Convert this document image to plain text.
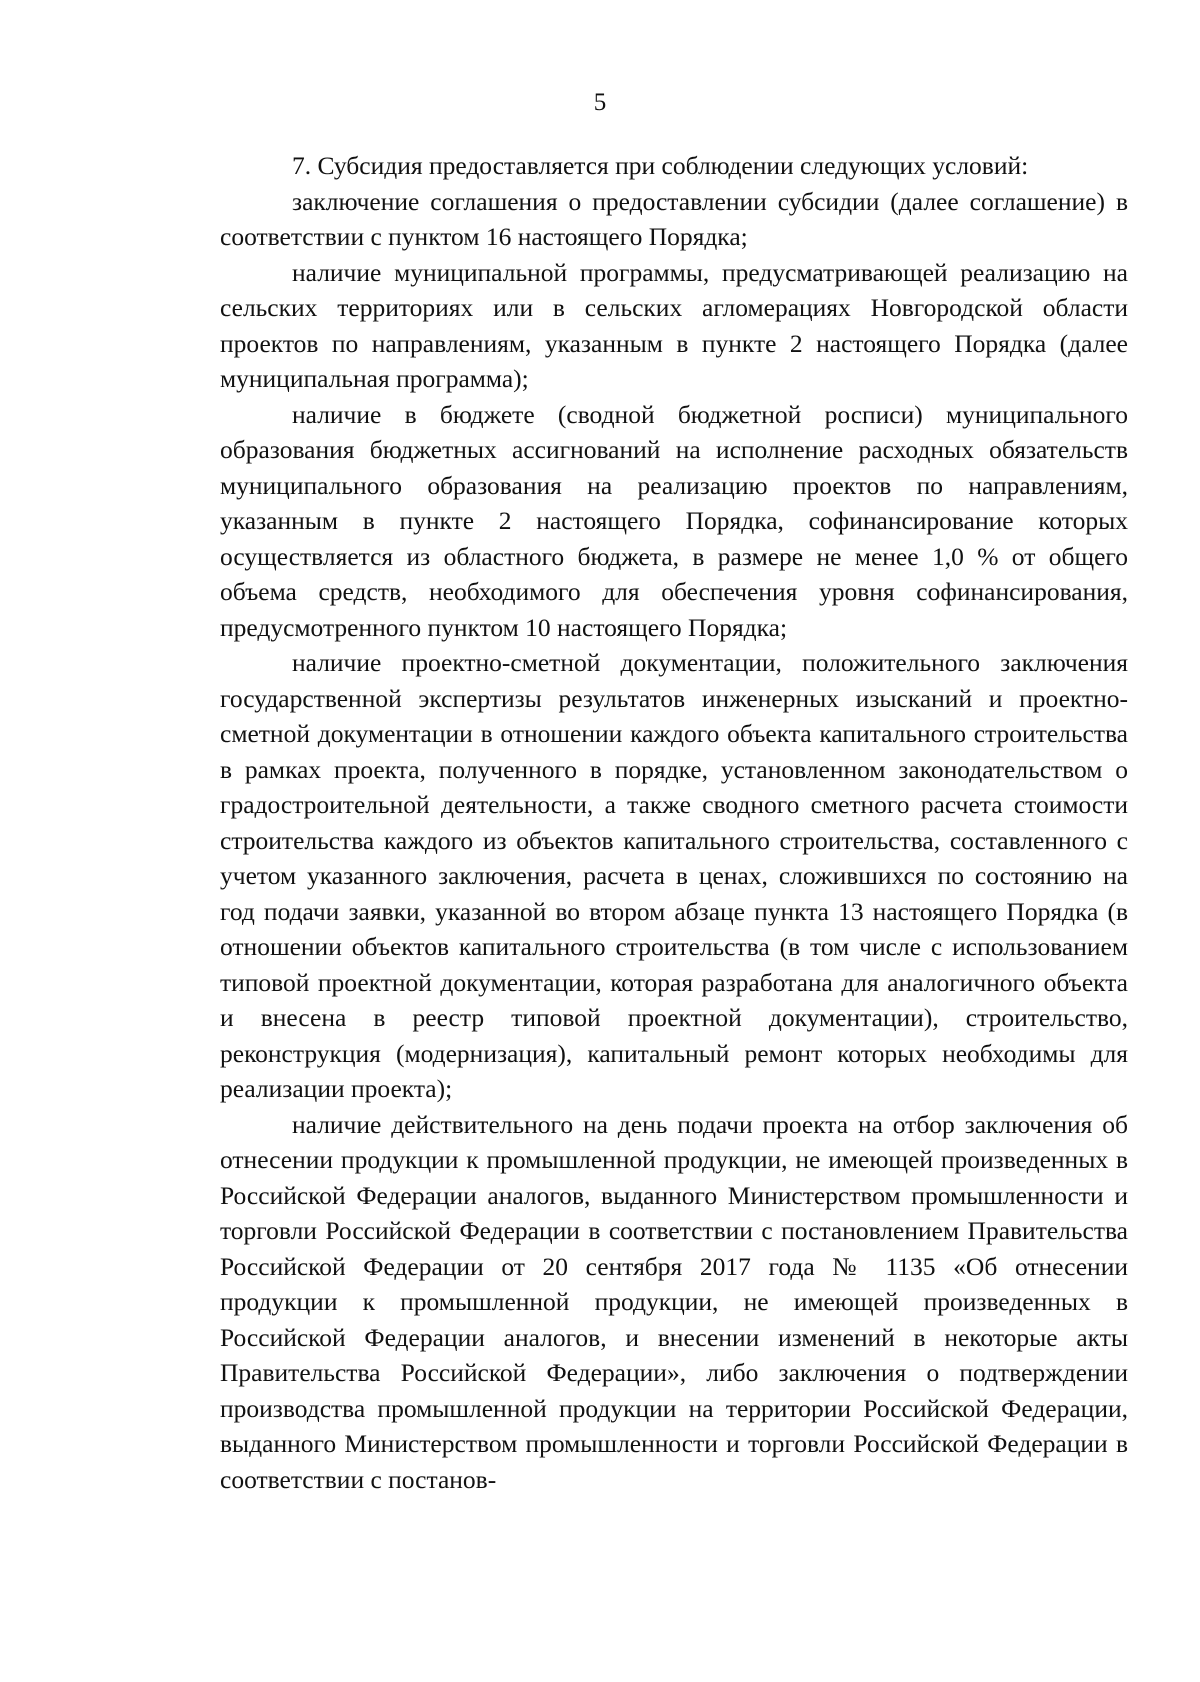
5

7. Субсидия предоставляется при соблюдении следующих условий:

заключение соглашения о предоставлении субсидии (далее соглашение) в соответствии с пунктом 16 настоящего Порядка;

наличие муниципальной программы, предусматривающей реализацию на сельских территориях или в сельских агломерациях Новгородской области проектов по направлениям, указанным в пункте 2 настоящего Порядка (далее муниципальная программа);

наличие в бюджете (сводной бюджетной росписи) муниципального образования бюджетных ассигнований на исполнение расходных обязательств муниципального образования на реализацию проектов по направлениям, указанным в пункте 2 настоящего Порядка, софинансирование которых осуществляется из областного бюджета, в размере не менее 1,0 % от общего объема средств, необходимого для обеспечения уровня софинансирования, предусмотренного пунктом 10 настоящего Порядка;

наличие проектно-сметной документации, положительного заключения государственной экспертизы результатов инженерных изысканий и проектно-сметной документации в отношении каждого объекта капитального строительства в рамках проекта, полученного в порядке, установленном законодательством о градостроительной деятельности, а также сводного сметного расчета стоимости строительства каждого из объектов капитального строительства, составленного с учетом указанного заключения, расчета в ценах, сложившихся по состоянию на год подачи заявки, указанной во втором абзаце пункта 13 настоящего Порядка (в отношении объектов капитального строительства (в том числе с использованием типовой проектной документации, которая разработана для аналогичного объекта и внесена в реестр типовой проектной документации), строительство, реконструкция (модернизация), капитальный ремонт которых необходимы для реализации проекта);

наличие действительного на день подачи проекта на отбор заключения об отнесении продукции к промышленной продукции, не имеющей произведенных в Российской Федерации аналогов, выданного Министерством промышленности и торговли Российской Федерации в соответствии с постановлением Правительства Российской Федерации от 20 сентября 2017 года № 1135 «Об отнесении продукции к промышленной продукции, не имеющей произведенных в Российской Федерации аналогов, и внесении изменений в некоторые акты Правительства Российской Федерации», либо заключения о подтверждении производства промышленной продукции на территории Российской Федерации, выданного Министерством промышленности и торговли Российской Федерации в соответствии с постанов-
